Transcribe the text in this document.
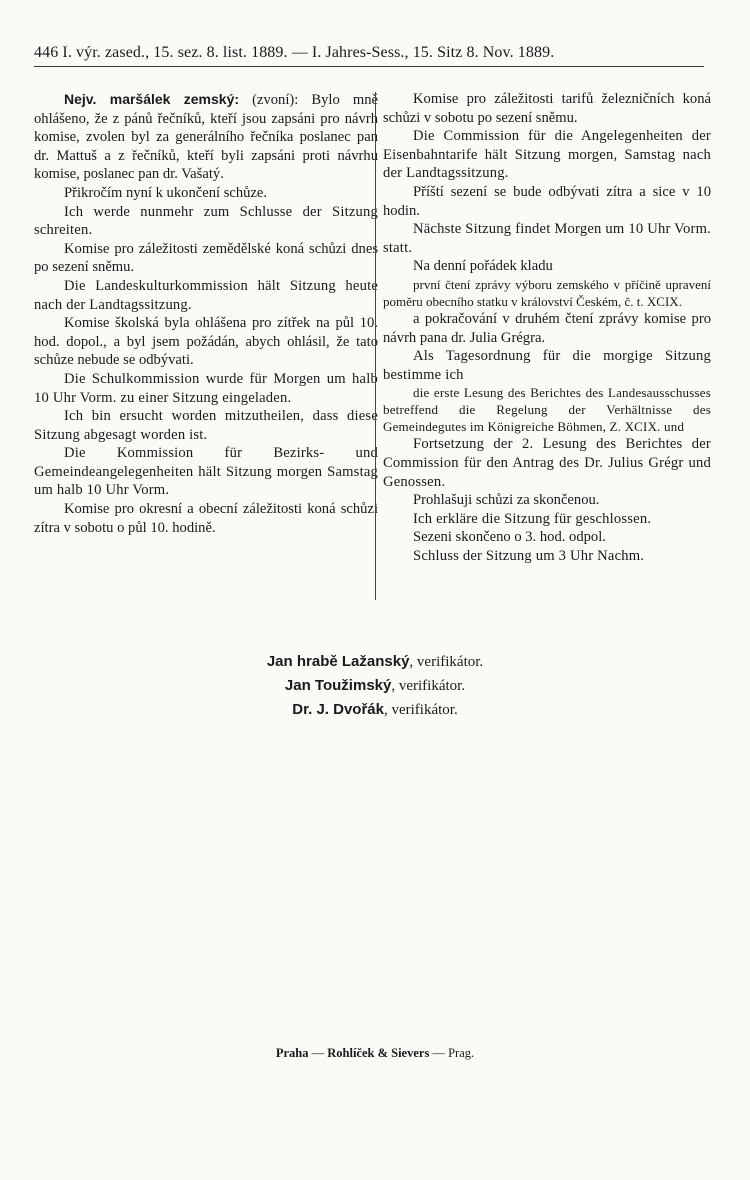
446 I. výr. zased., 15. sez. 8. list. 1889. — I. Jahres-Sess., 15. Sitz 8. Nov. 1889.

Nejv. maršálek zemský: (zvoní): Bylo mně ohlášeno, že z pánů řečníků, kteří jsou zapsáni pro návrh komise, zvolen byl za generálního řečníka poslanec pan dr. Mattuš a z řečníků, kteří byli zapsáni proti návrhu komise, poslanec pan dr. Vašatý.

Přikročím nyní k ukončení schůze.

Ich werde nunmehr zum Schlusse der Sitzung schreiten.

Komise pro záležitosti zemědělské koná schůzi dnes po sezení sněmu.

Die Landeskulturkommission hält Sitzung heute nach der Landtagssitzung.

Komise školská byla ohlášena pro zítřek na půl 10. hod. dopol., a byl jsem požádán, abych ohlásil, že tato schůze nebude se odbývati.

Die Schulkommission wurde für Morgen um halb 10 Uhr Vorm. zu einer Sitzung eingeladen.

Ich bin ersucht worden mitzutheilen, dass diese Sitzung abgesagt worden ist.

Die Kommission für Bezirks- und Gemeindeangelegenheiten hält Sitzung morgen Samstag um halb 10 Uhr Vorm.

Komise pro okresní a obecní záležitosti koná schůzi zítra v sobotu o půl 10. hodině.

Komise pro záležitosti tarifů železničních koná schůzi v sobotu po sezení sněmu.

Die Commission für die Angelegenheiten der Eisenbahntarife hält Sitzung morgen, Samstag nach der Landtagssitzung.

Příští sezení se bude odbývati zítra a sice v 10 hodin.

Nächste Sitzung findet Morgen um 10 Uhr Vorm. statt.

Na denní pořádek kladu

první čtení zprávy výboru zemského v příčině upravení poměru obecního statku v království Českém, č. t. XCIX.

a pokračování v druhém čtení zprávy komise pro návrh pana dr. Julia Grégra.

Als Tagesordnung für die morgige Sitzung bestimme ich

die erste Lesung des Berichtes des Landesausschusses betreffend die Regelung der Verhältnisse des Gemeindegutes im Königreiche Böhmen, Z. XCIX. und

Fortsetzung der 2. Lesung des Berichtes der Commission für den Antrag des Dr. Julius Grégr und Genossen.

Prohlašuji schůzi za skončenou.

Ich erkläre die Sitzung für geschlossen.

Sezeni skončeno o 3. hod. odpol.

Schluss der Sitzung um 3 Uhr Nachm.

Jan hrabě Lažanský, verifikátor.
Jan Toužimský, verifikátor.
Dr. J. Dvořák, verifikátor.
Praha — Rohlíček & Sievers — Prag.
